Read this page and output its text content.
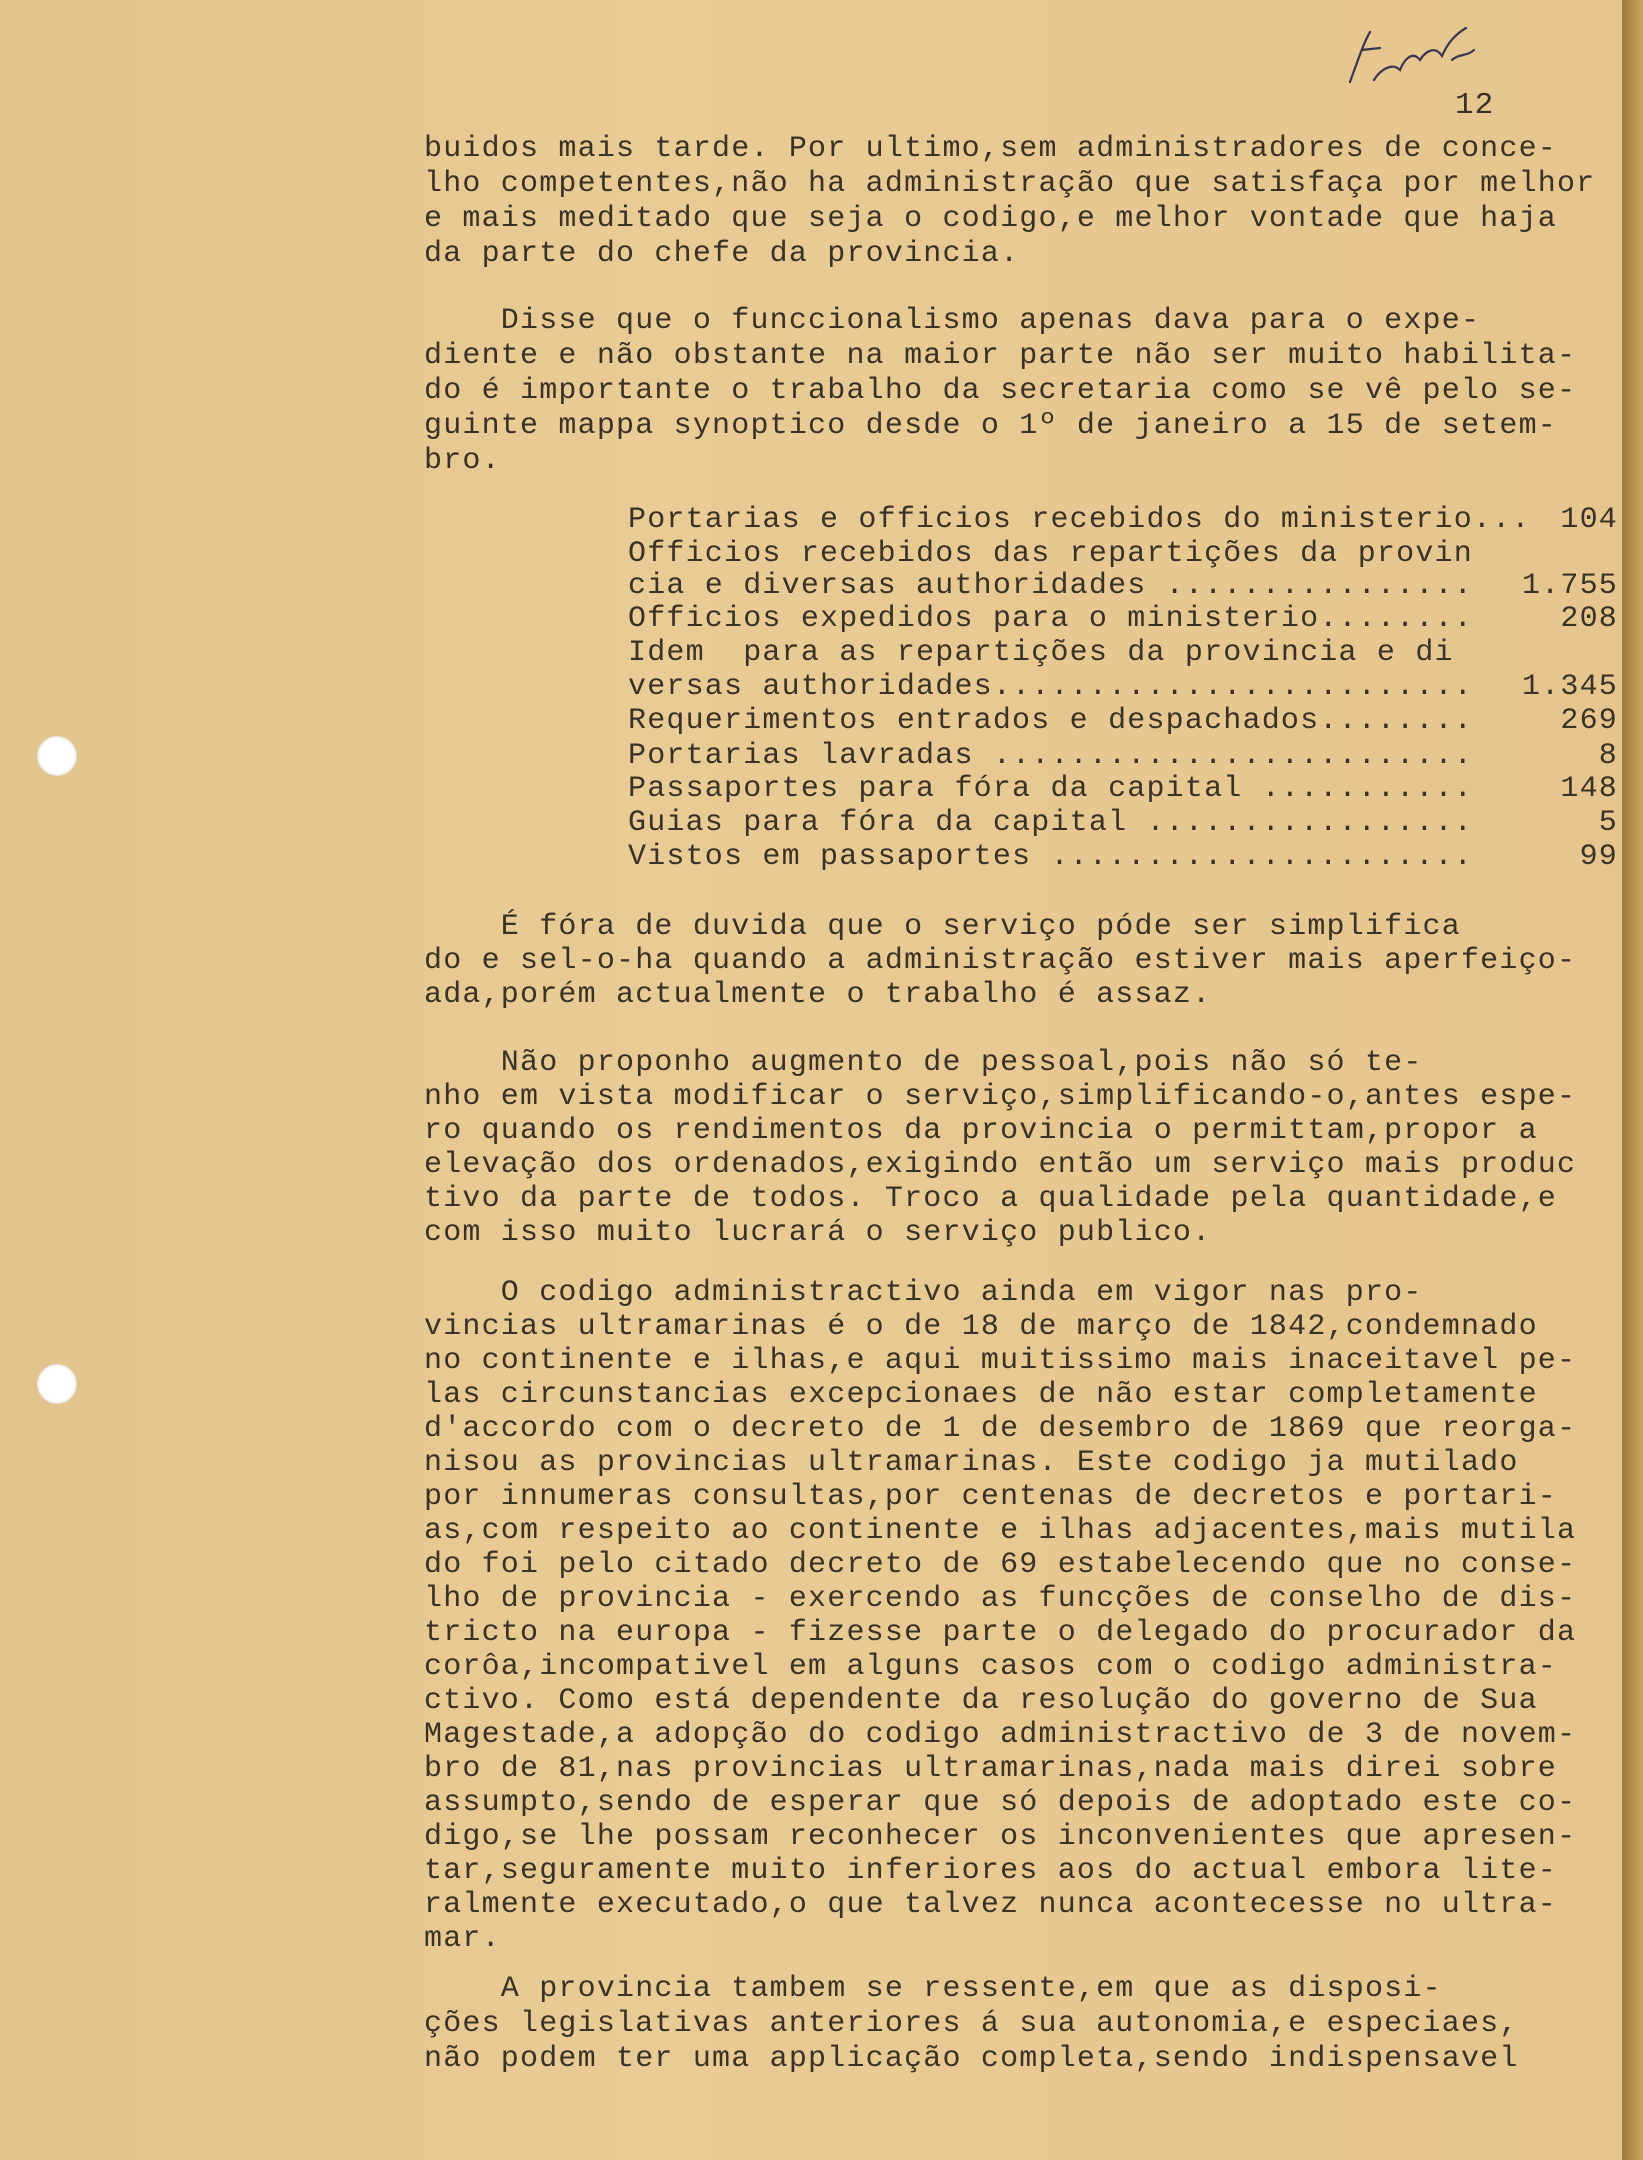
12
buidos mais tarde. Por ultimo,sem administradores de conce-
lho competentes,não ha administração que satisfaça por melhor
e mais meditado que seja o codigo,e melhor vontade que haja
da parte do chefe da provincia.
Disse que o funccionalismo apenas dava para o expe-
diente e não obstante na maior parte não ser muito habilita-
do é importante o trabalho da secretaria como se vê pelo se-
guinte mappa synoptico desde o 1º de janeiro a 15 de setem-
bro.
Portarias e officios recebidos do ministerio... 104
Officios recebidos das repartições da provin
cia e diversas authoridades ................ 1.755
Officios expedidos para o ministerio........	208
Idem  para as repartições da provincia e di
versas authoridades......................... 1.345
Requerimentos entrados e despachados........	269
Portarias lavradas .........................	8
Passaportes para fóra da capital ...........	148
Guias para fóra da capital .................	5
Vistos em passaportes ......................	99
É fóra de duvida que o serviço póde ser simplifica
do e sel-o-ha quando a administração estiver mais aperfeiço-
ada,porém actualmente o trabalho é assaz.
Não proponho augmento de pessoal,pois não só te-
nho em vista modificar o serviço,simplificando-o,antes espe-
ro quando os rendimentos da provincia o permittam,propor a
elevação dos ordenados,exigindo então um serviço mais produc
tivo da parte de todos. Troco a qualidade pela quantidade,e
com isso muito lucrará o serviço publico.
O codigo administractivo ainda em vigor nas pro-
vincias ultramarinas é o de 18 de março de 1842,condemnado
no continente e ilhas,e aqui muitissimo mais inaceitavel pe-
las circunstancias excepcionaes de não estar completamente
d'accordo com o decreto de 1 de desembro de 1869 que reorga-
nisou as provincias ultramarinas. Este codigo ja mutilado
por innumeras consultas,por centenas de decretos e portari-
as,com respeito ao continente e ilhas adjacentes,mais mutila
do foi pelo citado decreto de 69 estabelecendo que no conse-
lho de provincia - exercendo as funcções de conselho de dis-
tricto na europa - fizesse parte o delegado do procurador da
corôa,incompativel em alguns casos com o codigo administra-
ctivo. Como está dependente da resolução do governo de Sua
Magestade,a adopção do codigo administractivo de 3 de novem-
bro de 81,nas provincias ultramarinas,nada mais direi sobre
assumpto,sendo de esperar que só depois de adoptado este co-
digo,se lhe possam reconhecer os inconvenientes que apresen-
tar,seguramente muito inferiores aos do actual embora lite-
ralmente executado,o que talvez nunca acontecesse no ultra-
mar.
A provincia tambem se ressente,em que as disposi-
ções legislativas anteriores á sua autonomia,e especiaes,
não podem ter uma applicação completa,sendo indispensavel
